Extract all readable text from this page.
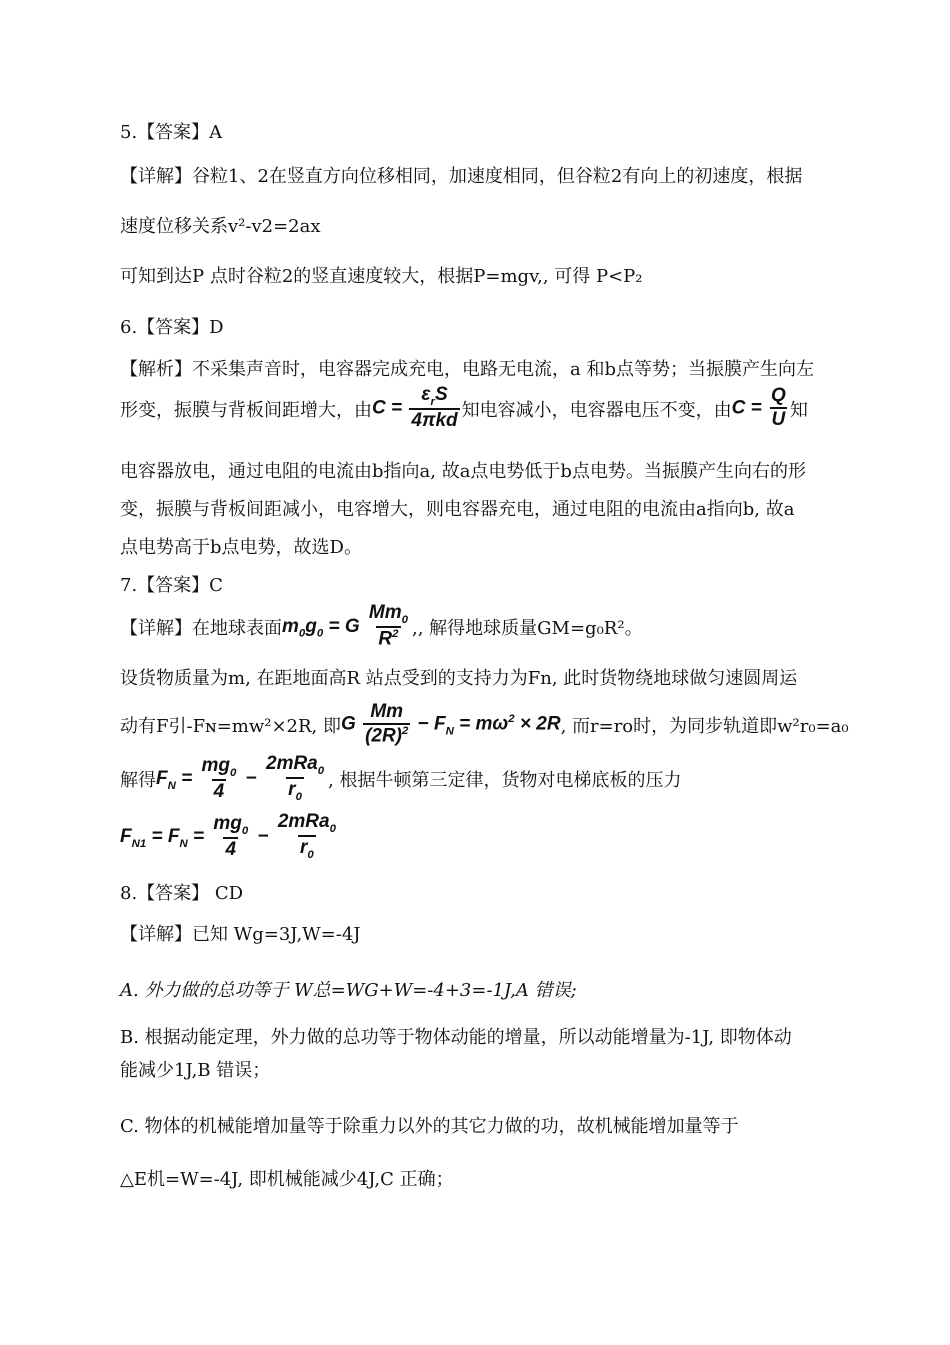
5.【答案】A
【详解】谷粒1、2在竖直方向位移相同，加速度相同，但谷粒2有向上的初速度，根据
速度位移关系v²-v2=2ax
可知到达P 点时谷粒2的竖直速度较大，根据P=mgv,, 可得 P<P₂
6.【答案】D
【解析】不采集声音时，电容器完成充电，电路无电流，a 和b点等势；当振膜产生向左
形变，振膜与背板间距增大，由 $C = \frac{\varepsilon_rS}{\text{4πkd}}$ 知电容减小，电容器电压不变，由 $C = \frac{Q}{U}$ 知
电容器放电，通过电阻的电流由b指向a, 故a点电势低于b点电势。当振膜产生向右的形
变，振膜与背板间距减小，电容增大，则电容器充电，通过电阻的电流由a指向b, 故a
点电势高于b点电势，故选D。
7.【答案】C
【详解】在地球表面 $m_0g_0 = G \frac{Mm_0}{R^2}$ ,, 解得地球质量GM=g₀R²。
设货物质量为m, 在距地面高R 站点受到的支持力为Fn, 此时货物绕地球做匀速圆周运
动有F引-Fɴ=mw²×2R, 即 G $\frac{Mm}{(2R)^2} - F_N = m\omega^2 \times 2R$ , 而r=ro时，为同步轨道即w²r₀=a₀
解得 $F_N = \frac{mg_0}{4} - \frac{2mRa_0}{r_0}$ , 根据牛顿第三定律，货物对电梯底板的压力
$F_{N1} = F_N = \frac{mg_0}{4} - \frac{2mRa_0}{r_0}$
8.【答案】 CD
【详解】已知 Wg=3J,W=-4J
A. 外力做的总功等于 W总=WG+W=-4+3=-1J,A 错误;
B. 根据动能定理，外力做的总功等于物体动能的增量，所以动能增量为-1J, 即物体动
能减少1J,B 错误；
C. 物体的机械能增加量等于除重力以外的其它力做的功，故机械能增加量等于
△E机=W=-4J, 即机械能减少4J,C 正确；
